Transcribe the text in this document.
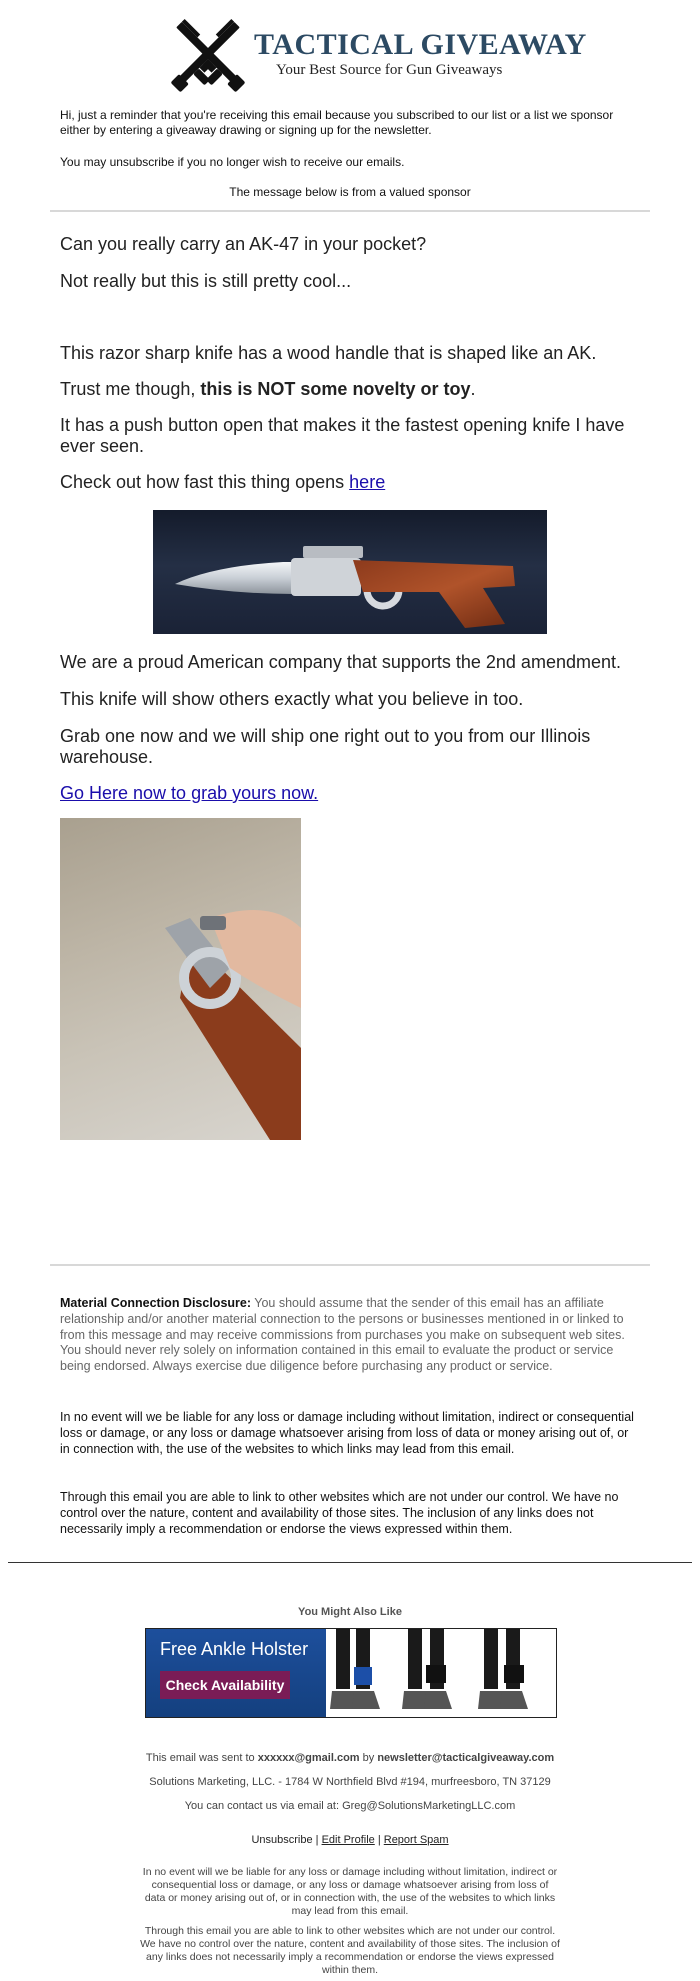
TACTICAL GIVEAWAY
Your Best Source for Gun Giveaways
Hi, just a reminder that you're receiving this email because you subscribed to our list or a list we sponsor either by entering a giveaway drawing or signing up for the newsletter.
You may unsubscribe if you no longer wish to receive our emails.
The message below is from a valued sponsor
Can you really carry an AK-47 in your pocket?
Not really but this is still pretty cool...
This razor sharp knife has a wood handle that is shaped like an AK.
Trust me though, this is NOT some novelty or toy.
It has a push button open that makes it the fastest opening knife I have ever seen.
Check out how fast this thing opens here
We are a proud American company that supports the 2nd amendment.
This knife will show others exactly what you believe in too.
Grab one now and we will ship one right out to you from our Illinois warehouse.
Go Here now to grab yours now.
Material Connection Disclosure: You should assume that the sender of this email has an affiliate relationship and/or another material connection to the persons or businesses mentioned in or linked to from this message and may receive commissions from purchases you make on subsequent web sites. You should never rely solely on information contained in this email to evaluate the product or service being endorsed. Always exercise due diligence before purchasing any product or service.
In no event will we be liable for any loss or damage including without limitation, indirect or consequential loss or damage, or any loss or damage whatsoever arising from loss of data or money arising out of, or in connection with, the use of the websites to which links may lead from this email.
Through this email you are able to link to other websites which are not under our control. We have no control over the nature, content and availability of those sites. The inclusion of any links does not necessarily imply a recommendation or endorse the views expressed within them.
You Might Also Like
Free Ankle Holster
Check Availability
This email was sent to xxxxxx@gmail.com by newsletter@tacticalgiveaway.com
Solutions Marketing, LLC. - 1784 W Northfield Blvd #194, murfreesboro, TN 37129
You can contact us via email at: Greg@SolutionsMarketingLLC.com
Unsubscribe | Edit Profile | Report Spam
In no event will we be liable for any loss or damage including without limitation, indirect or consequential loss or damage, or any loss or damage whatsoever arising from loss of data or money arising out of, or in connection with, the use of the websites to which links may lead from this email.
Through this email you are able to link to other websites which are not under our control. We have no control over the nature, content and availability of those sites. The inclusion of any links does not necessarily imply a recommendation or endorse the views expressed within them.
